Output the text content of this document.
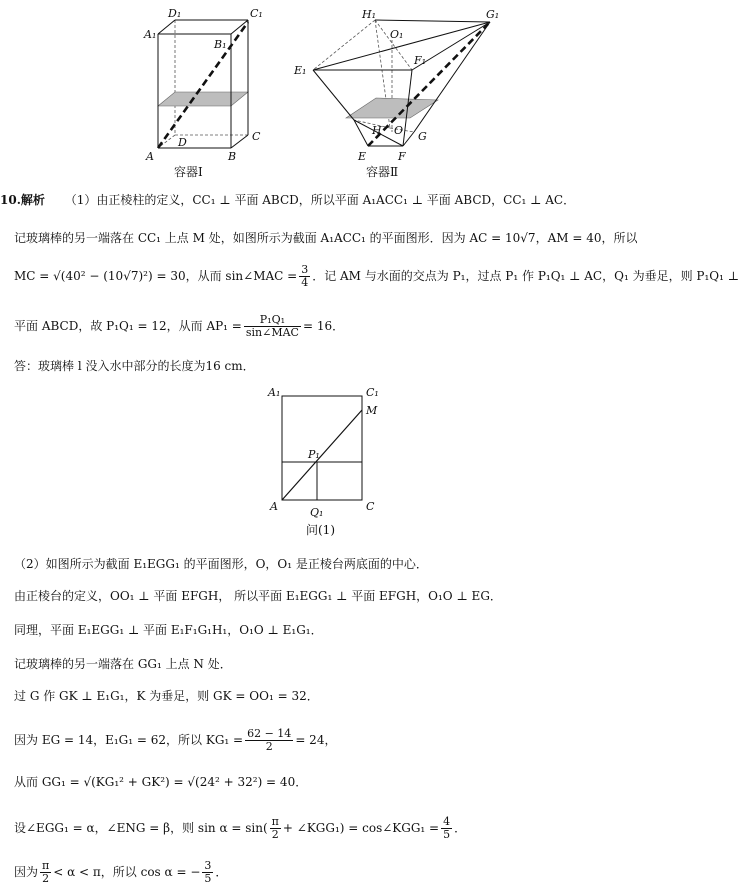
D₁	C₁
A₁
B₁
D	C
A	B
容器Ⅰ
H₁	G₁
O₁
E₁
F₁
H O G
E	F
容器Ⅱ
10.解析 （1）由正棱柱的定义，CC₁ ⊥ 平面 ABCD，所以平面 A₁ACC₁ ⊥ 平面 ABCD，CC₁ ⊥ AC．
记玻璃棒的另一端落在 CC₁ 上点 M 处，如图所示为截面 A₁ACC₁ 的平面图形．因为 AC = 10√7，AM = 40，所以
MC = √(40² − (10√7)²) = 30，从而 sin∠MAC = $\frac{3}{4}$ ．记 AM 与水面的交点为 P₁，过点 P₁ 作 P₁Q₁ ⊥ AC，Q₁ 为垂足，则 P₁Q₁ ⊥
平面 ABCD，故 P₁Q₁ = 12，从而 $AP_1 = \frac{\text{P₁Q₁}}{\text{sin∠MAC}} = 16$．
答：玻璃棒 l 没入水中部分的长度为16 cm．
A₁	C₁
M
P₁
A	Q₁	C
问(1)
（2）如图所示为截面 E₁EGG₁ 的平面图形，O，O₁ 是正棱台两底面的中心．
由正棱台的定义，OO₁ ⊥ 平面 EFGH， 所以平面 E₁EGG₁ ⊥ 平面 EFGH，O₁O ⊥ EG．
同理，平面 E₁EGG₁ ⊥ 平面 E₁F₁G₁H₁，O₁O ⊥ E₁G₁．
记玻璃棒的另一端落在 GG₁ 上点 N 处．
过 G 作 GK ⊥ E₁G₁，K 为垂足，则 GK = OO₁ = 32．
因为 EG = 14，E₁G₁ = 62，所以 $KG_1 = \frac{62 - 14}{2} = 24$，
从而 GG₁ = √(KG₁² + GK²) = √(24² + 32²) = 40．
设∠EGG₁ = α，∠ENG = β，则 $\sin \alpha = \sin( \frac{\pi}{2}$ + ∠KGG₁) = cos∠KGG₁ = $\frac{4}{5}$ ．
因为 $\frac{\pi}{2} < \alpha < \pi$，所以 cos α = − $\frac{3}{5}$ ．
